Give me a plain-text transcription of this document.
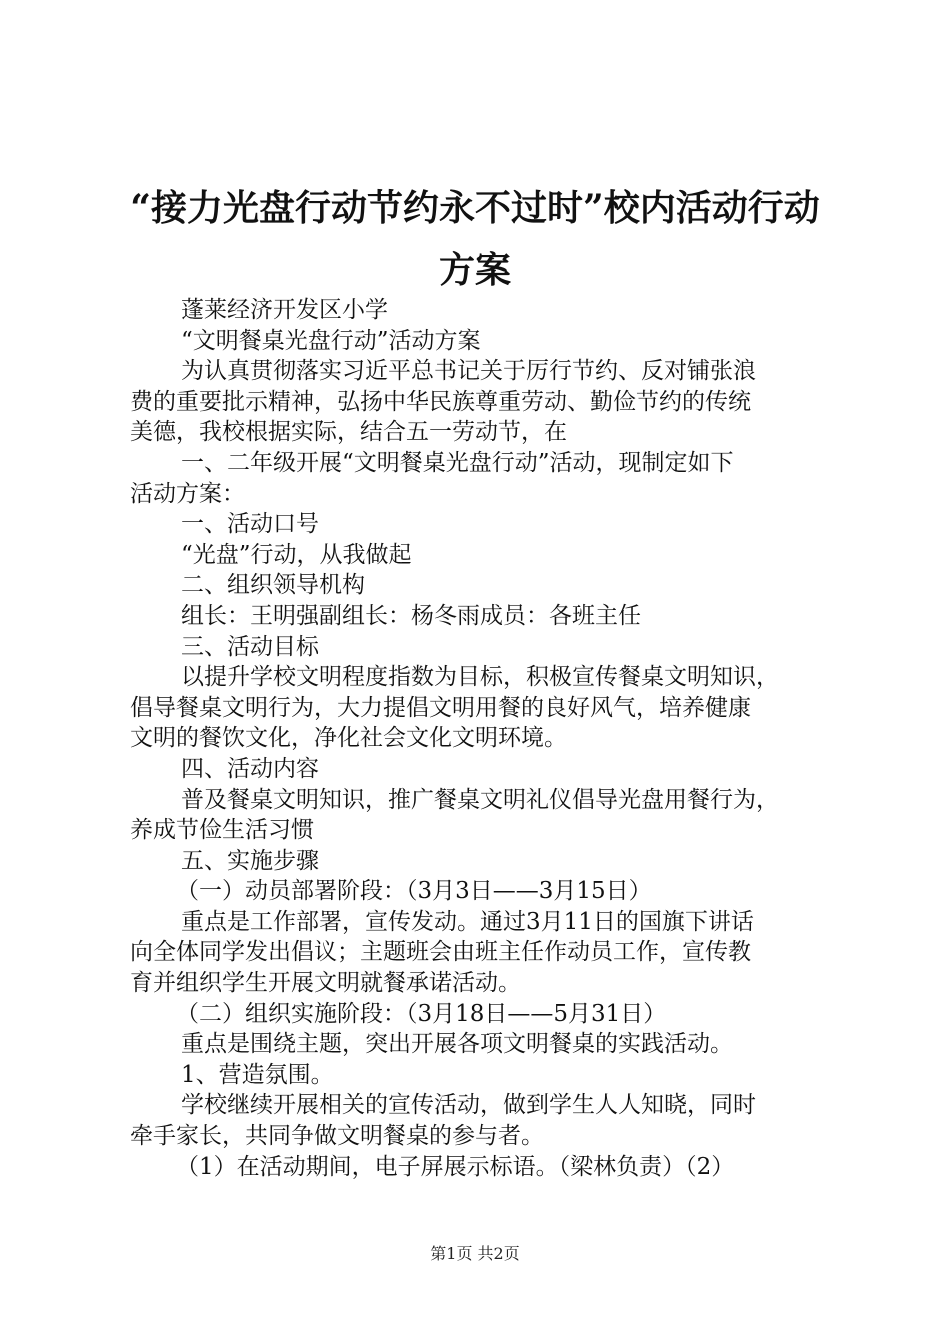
“接力光盘行动节约永不过时”校内活动行动
方案

蓬莱经济开发区小学

“文明餐桌光盘行动”活动方案

为认真贯彻落实习近平总书记关于厉行节约、反对铺张浪

费的重要批示精神，弘扬中华民族尊重劳动、勤俭节约的传统

美德，我校根据实际，结合五一劳动节，在

一、二年级开展“文明餐桌光盘行动”活动，现制定如下

活动方案：

一、活动口号

“光盘”行动，从我做起

二、组织领导机构

组长：王明强副组长：杨冬雨成员：各班主任

三、活动目标

以提升学校文明程度指数为目标，积极宣传餐桌文明知识，

倡导餐桌文明行为，大力提倡文明用餐的良好风气，培养健康

文明的餐饮文化，净化社会文化文明环境。

四、活动内容

普及餐桌文明知识，推广餐桌文明礼仪倡导光盘用餐行为，

养成节俭生活习惯

五、实施步骤

（一）动员部署阶段：（3月3日——3月15日）

重点是工作部署，宣传发动。通过3月11日的国旗下讲话

向全体同学发出倡议；主题班会由班主任作动员工作，宣传教

育并组织学生开展文明就餐承诺活动。

（二）组织实施阶段：（3月18日——5月31日）

重点是围绕主题，突出开展各项文明餐桌的实践活动。

1、营造氛围。

学校继续开展相关的宣传活动，做到学生人人知晓，同时

牵手家长，共同争做文明餐桌的参与者。

（1）在活动期间，电子屏展示标语。（梁林负责）（2）

第1页 共2页
